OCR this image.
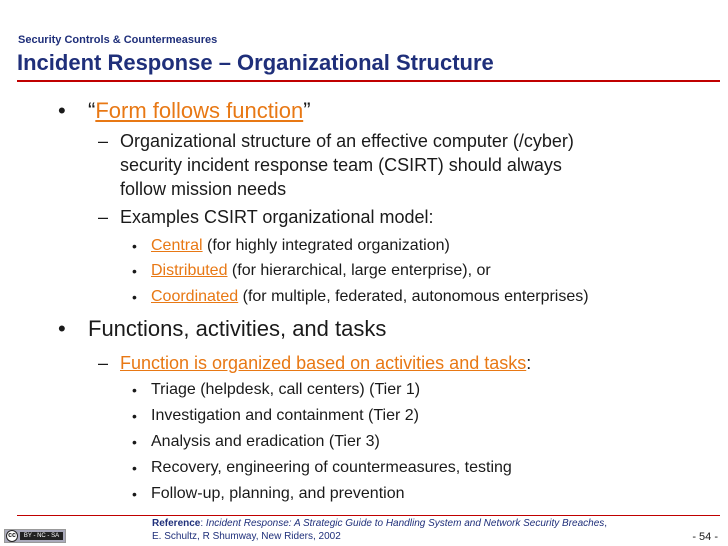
Security Controls & Countermeasures
Incident Response – Organizational Structure
• “Form follows function”
– Organizational structure of an effective computer (/cyber)
security incident response team (CSIRT) should always
follow mission needs
– Examples CSIRT organizational model:
• Central (for highly integrated organization)
• Distributed (for hierarchical, large enterprise), or
• Coordinated (for multiple, federated, autonomous enterprises)
• Functions, activities, and tasks
– Function is organized based on activities and tasks:
• Triage (helpdesk, call centers) (Tier 1)
• Investigation and containment (Tier 2)
• Analysis and eradication (Tier 3)
• Recovery, engineering of countermeasures, testing
• Follow-up, planning, and prevention
Reference: Incident Response: A Strategic Guide to Handling System and Network Security Breaches,
E. Schultz, R Shumway, New Riders, 2002
cc	BY - NC - SA	- 54 -
